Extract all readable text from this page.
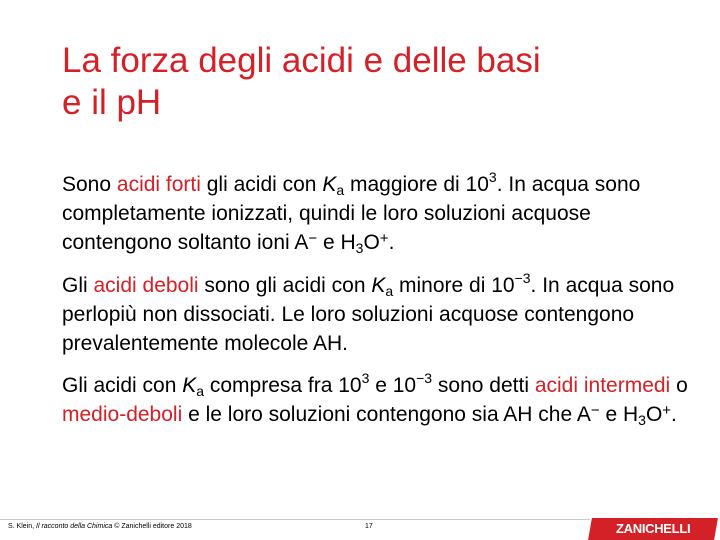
La forza degli acidi e delle basi
e il pH
Sono acidi forti gli acidi con $K_a$ maggiore di $10^3$. In acqua sono completamente ionizzati, quindi le loro soluzioni acquose contengono soltanto ioni A− e $H_3O^+$.
Gli acidi deboli sono gli acidi con $K_a$ minore di $10^{-3}$. In acqua sono perlopiù non dissociati. Le loro soluzioni acquose contengono prevalentemente molecole AH.
Gli acidi con $K_a$ compresa fra $10^3$ e $10^{-3}$ sono detti acidi intermedi o medio-deboli e le loro soluzioni contengono sia AH che A− e $H_3O^+$.
S. Klein, Il racconto della Chimica © Zanichelli editore 2018	17	ZANICHELLI
